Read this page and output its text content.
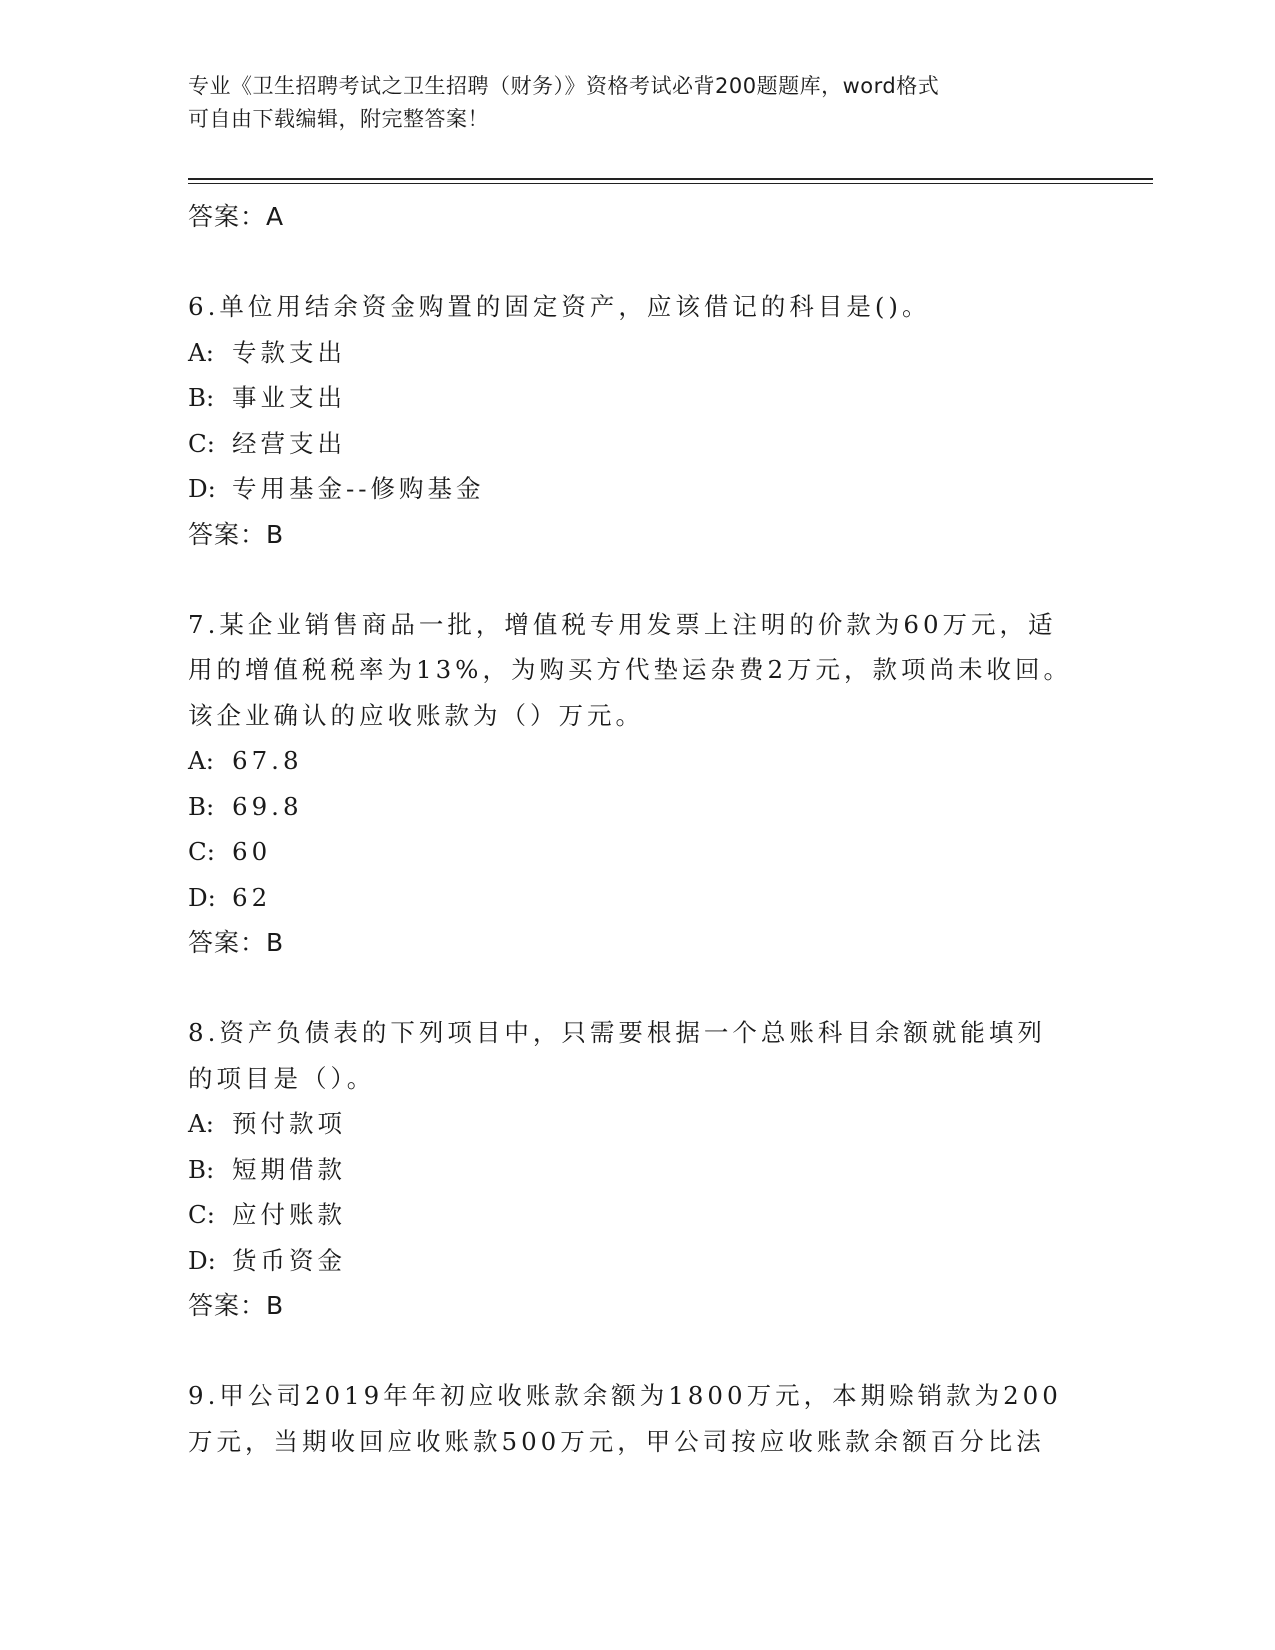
专业《卫生招聘考试之卫生招聘（财务）》资格考试必背200题题库，word格式
可自由下载编辑，附完整答案！
答案：A
6.单位用结余资金购置的固定资产，应该借记的科目是()。
A: 专款支出
B: 事业支出
C: 经营支出
D: 专用基金--修购基金
答案：B
7.某企业销售商品一批，增值税专用发票上注明的价款为60万元，适
用的增值税税率为13%，为购买方代垫运杂费2万元，款项尚未收回。
该企业确认的应收账款为（）万元。
A: 67.8
B: 69.8
C: 60
D: 62
答案：B
8.资产负债表的下列项目中，只需要根据一个总账科目余额就能填列
的项目是（）。
A: 预付款项
B: 短期借款
C: 应付账款
D: 货币资金
答案：B
9.甲公司2019年年初应收账款余额为1800万元，本期赊销款为200
万元，当期收回应收账款500万元，甲公司按应收账款余额百分比法
